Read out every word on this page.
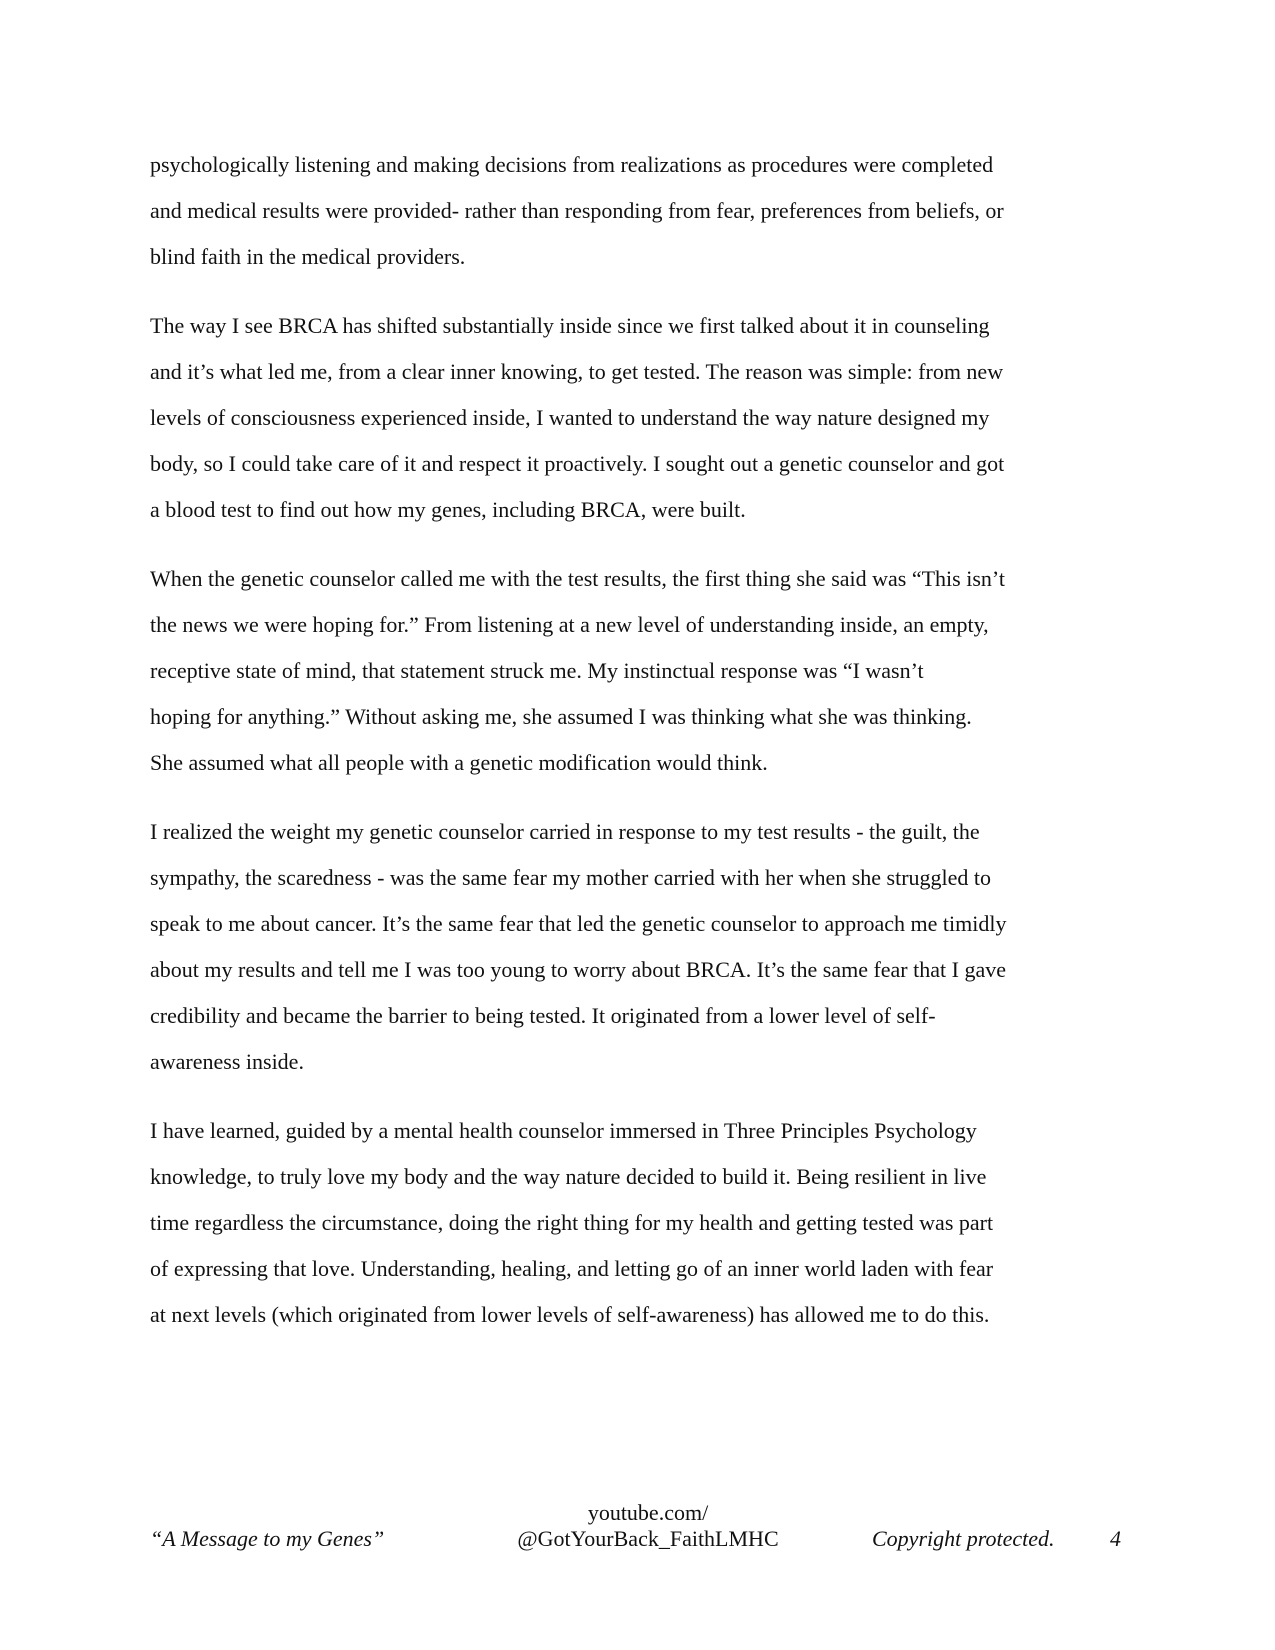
psychologically listening and making decisions from realizations as procedures were completed
and medical results were provided- rather than responding from fear, preferences from beliefs, or
blind faith in the medical providers.

The way I see BRCA has shifted substantially inside since we first talked about it in counseling
and it’s what led me, from a clear inner knowing, to get tested. The reason was simple: from new
levels of consciousness experienced inside, I wanted to understand the way nature designed my
body, so I could take care of it and respect it proactively. I sought out a genetic counselor and got
a blood test to find out how my genes, including BRCA, were built.

When the genetic counselor called me with the test results, the first thing she said was “This isn’t
the news we were hoping for.” From listening at a new level of understanding inside, an empty,
receptive state of mind, that statement struck me. My instinctual response was “I wasn’t
hoping for anything.” Without asking me, she assumed I was thinking what she was thinking.
She assumed what all people with a genetic modification would think.

I realized the weight my genetic counselor carried in response to my test results - the guilt, the
sympathy, the scaredness - was the same fear my mother carried with her when she struggled to
speak to me about cancer. It’s the same fear that led the genetic counselor to approach me timidly
about my results and tell me I was too young to worry about BRCA. It’s the same fear that I gave
credibility and became the barrier to being tested. It originated from a lower level of self-
awareness inside.

I have learned, guided by a mental health counselor immersed in Three Principles Psychology
knowledge, to truly love my body and the way nature decided to build it. Being resilient in live
time regardless the circumstance, doing the right thing for my health and getting tested was part
of expressing that love. Understanding, healing, and letting go of an inner world laden with fear
at next levels (which originated from lower levels of self-awareness) has allowed me to do this.

“A Message to my Genes”
youtube.com/
@GotYourBack_FaithLMHC	Copyright protected.	4
